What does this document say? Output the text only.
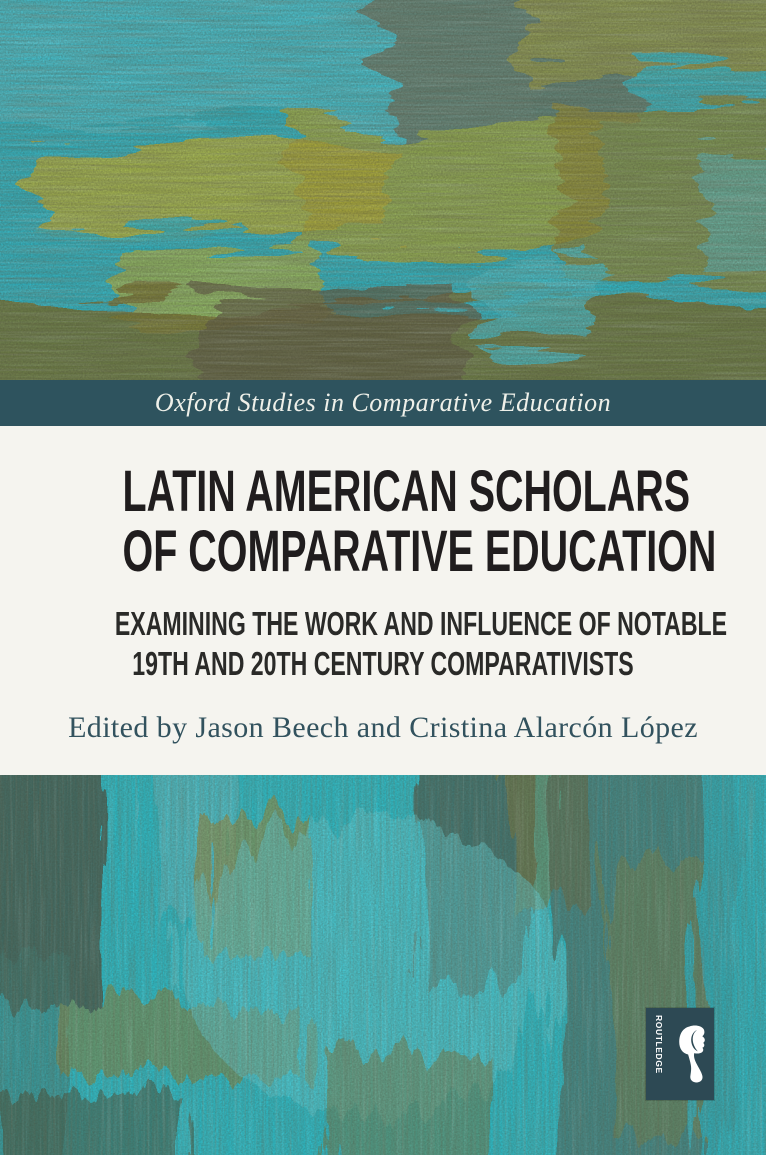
Oxford Studies in Comparative Education
LATIN AMERICAN SCHOLARS
OF COMPARATIVE EDUCATION
EXAMINING THE WORK AND INFLUENCE OF NOTABLE
19TH AND 20TH CENTURY COMPARATIVISTS
Edited by Jason Beech and Cristina Alarcón López
ROUTLEDGE
